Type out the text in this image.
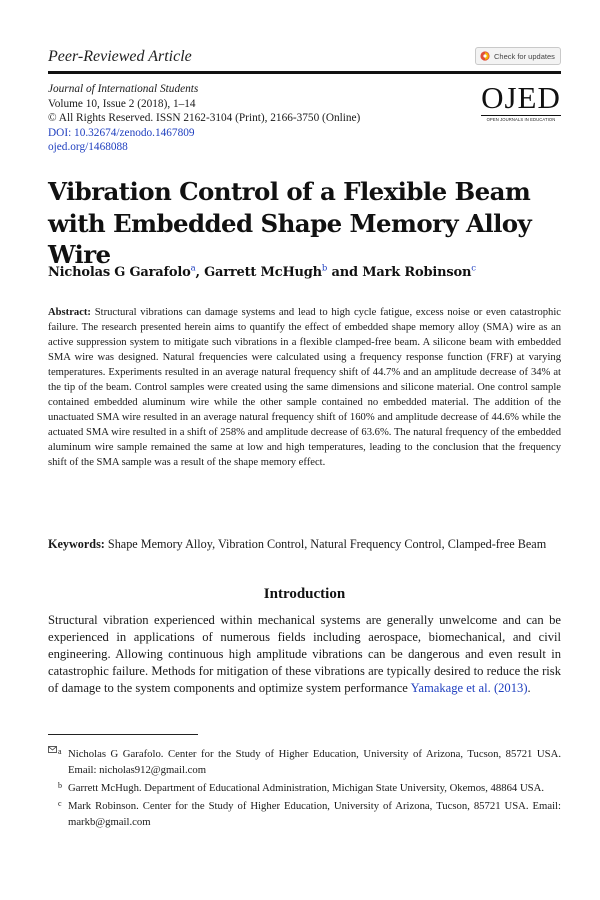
Peer-Reviewed Article	Check for updates
Journal of International Students
Volume 10, Issue 2 (2018), 1–14
© All Rights Reserved. ISSN 2162-3104 (Print), 2166-3750 (Online)
DOI: 10.32674/zenodo.1467809
ojed.org/1468088
OJED
OPEN JOURNALS IN EDUCATION
Vibration Control of a Flexible Beam with Embedded Shape Memory Alloy Wire
Nicholas G Garafolo$^a$, Garrett McHugh$^b$ and Mark Robinson$^c$
Abstract: Structural vibrations can damage systems and lead to high cycle fatigue, excess noise or even catastrophic failure. The research presented herein aims to quantify the effect of embedded shape memory alloy (SMA) wire as an active suppression system to mitigate such vibrations in a flexible clamped-free beam. A silicone beam with embedded SMA wire was designed. Natural frequencies were calculated using a frequency response function (FRF) at varying temperatures. Experiments resulted in an average natural frequency shift of 44.7% and an amplitude decrease of 34% at the tip of the beam. Control samples were created using the same dimensions and silicone material. One control sample contained embedded aluminum wire while the other sample contained no embedded material. The addition of the unactuated SMA wire resulted in an average natural frequency shift of 160% and amplitude decrease of 44.6% while the actuated SMA wire resulted in a shift of 258% and amplitude decrease of 63.6%. The natural frequency of the embedded aluminum wire sample remained the same at low and high temperatures, leading to the conclusion that the frequency shift of the SMA sample was a result of the shape memory effect.
Keywords: Shape Memory Alloy, Vibration Control, Natural Frequency Control, Clamped-free Beam
Introduction
Structural vibration experienced within mechanical systems are generally unwelcome and can be experienced in applications of numerous fields including aerospace, biomechanical, and civil engineering. Allowing continuous high amplitude vibrations can be dangerous and even result in catastrophic failure. Methods for mitigation of these vibrations are typically desired to reduce the risk of damage to the system components and optimize system performance Yamakage et al. (2013).
a Nicholas G Garafolo. Center for the Study of Higher Education, University of Arizona, Tucson, 85721 USA. Email: nicholas912@gmail.com
b Garrett McHugh. Department of Educational Administration, Michigan State University, Okemos, 48864 USA.
c Mark Robinson. Center for the Study of Higher Education, University of Arizona, Tucson, 85721 USA. Email: markb@gmail.com
